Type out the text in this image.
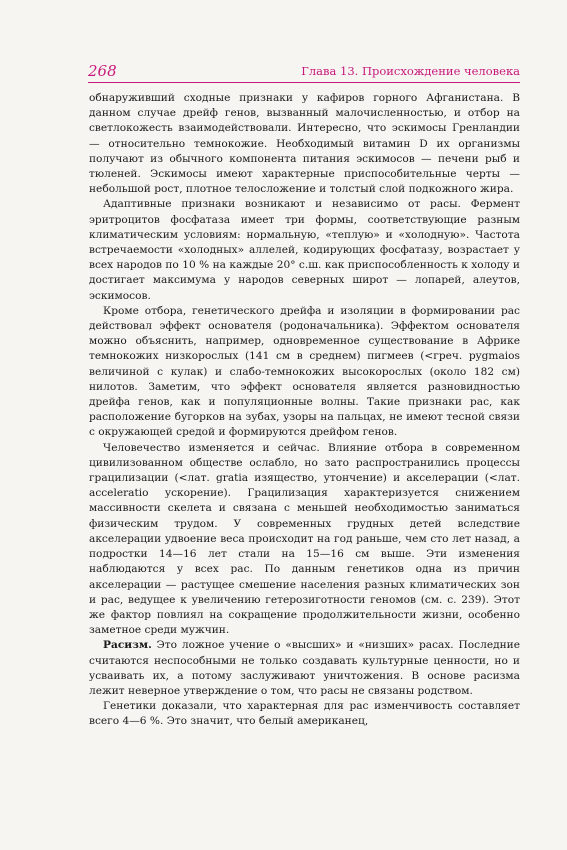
268	Глава 13. Происхождение человека

обнаруживший сходные признаки у кафиров горного Афганистана. В данном случае дрейф генов, вызванный малочисленностью, и отбор на светлокожесть взаимодействовали. Интересно, что эскимосы Гренландии — относительно темнокожие. Необходимый витамин D их организмы получают из обычного компонента питания эскимосов — печени рыб и тюленей. Эскимосы имеют характерные приспособительные черты — небольшой рост, плотное телосложение и толстый слой подкожного жира.

Адаптивные признаки возникают и независимо от расы. Фермент эритроцитов фосфатаза имеет три формы, соответствующие разным климатическим условиям: нормальную, «теплую» и «холодную». Частота встречаемости «холодных» аллелей, кодирующих фосфатазу, возрастает у всех народов по 10 % на каждые 20° с.ш. как приспособленность к холоду и достигает максимума у народов северных широт — лопарей, алеутов, эскимосов.

Кроме отбора, генетического дрейфа и изоляции в формировании рас действовал эффект основателя (родоначальника). Эффектом основателя можно объяснить, например, одновременное существование в Африке темнокожих низкорослых (141 см в среднем) пигмеев (<греч. pygmaios величиной с кулак) и слабо-темнокожих высокорослых (около 182 см) нилотов. Заметим, что эффект основателя является разновидностью дрейфа генов, как и популяционные волны. Такие признаки рас, как расположение бугорков на зубах, узоры на пальцах, не имеют тесной связи с окружающей средой и формируются дрейфом генов.

Человечество изменяется и сейчас. Влияние отбора в современном цивилизованном обществе ослабло, но зато распространились процессы грацилизации (<лат. gratia изящество, утончение) и акселерации (<лат. acceleratio ускорение). Грацилизация характеризуется снижением массивности скелета и связана с меньшей необходимостью заниматься физическим трудом. У современных грудных детей вследствие акселерации удвоение веса происходит на год раньше, чем сто лет назад, а подростки 14—16 лет стали на 15—16 см выше. Эти изменения наблюдаются у всех рас. По данным генетиков одна из причин акселерации — растущее смешение населения разных климатических зон и рас, ведущее к увеличению гетерозиготности геномов (см. с. 239). Этот же фактор повлиял на сокращение продолжительности жизни, особенно заметное среди мужчин.

Расизм. Это ложное учение о «высших» и «низших» расах. Последние считаются неспособными не только создавать культурные ценности, но и усваивать их, а потому заслуживают уничтожения. В основе расизма лежит неверное утверждение о том, что расы не связаны родством.

Генетики доказали, что характерная для рас изменчивость составляет всего 4—6 %. Это значит, что белый американец,
